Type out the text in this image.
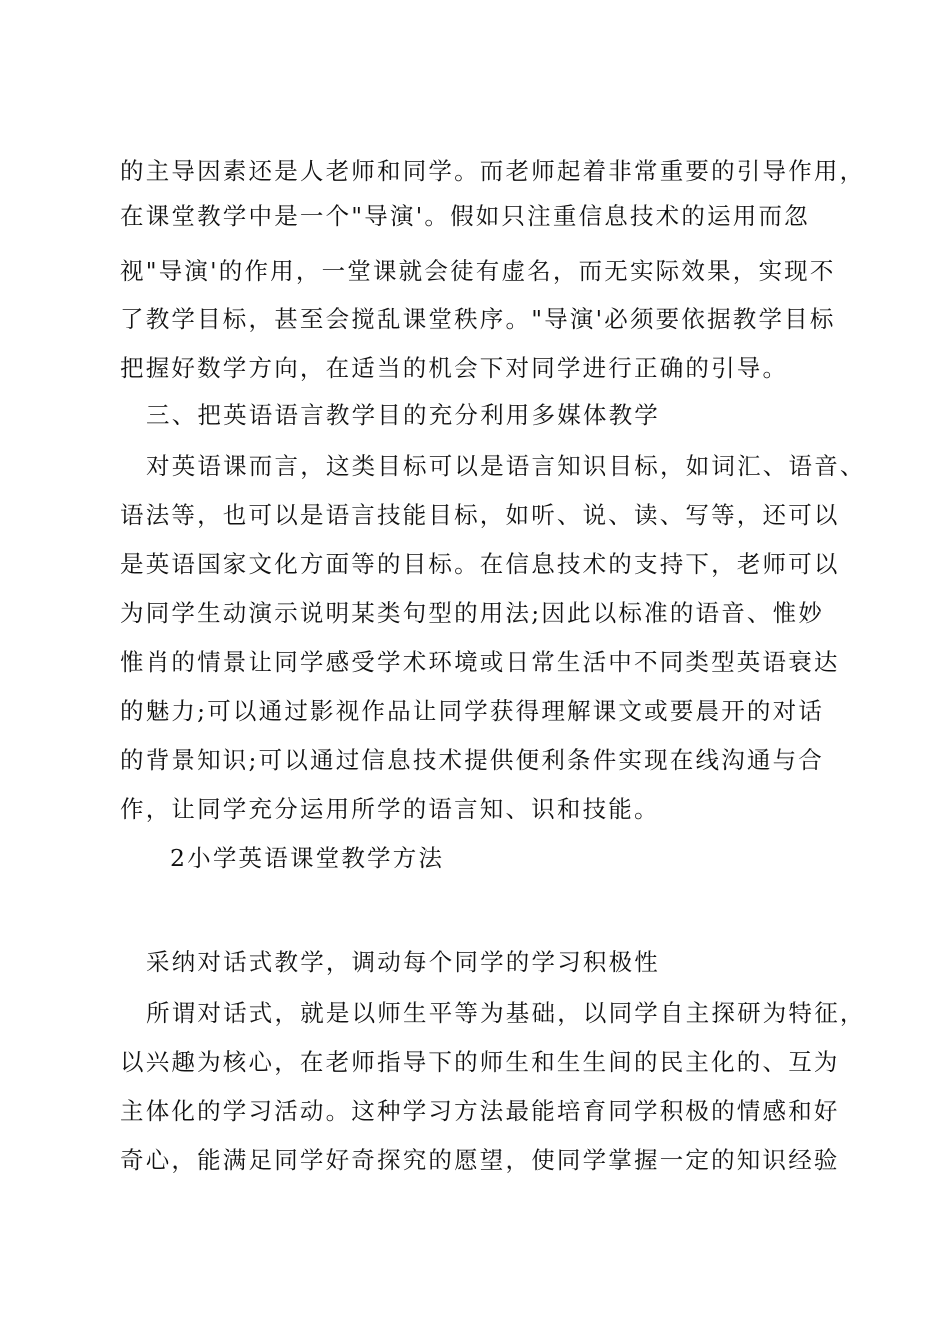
的主导因素还是人老师和同学。而老师起着非常重要的引导作用，
在课堂教学中是一个"导演'。假如只注重信息技术的运用而忽
视"导演'的作用，一堂课就会徒有虚名，而无实际效果，实现不
了教学目标，甚至会搅乱课堂秩序。"导演'必须要依据教学目标
把握好数学方向，在适当的机会下对同学进行正确的引导。
三、把英语语言教学目的充分利用多媒体教学
对英语课而言，这类目标可以是语言知识目标，如词汇、语音、
语法等，也可以是语言技能目标，如听、说、读、写等，还可以
是英语国家文化方面等的目标。在信息技术的支持下，老师可以
为同学生动演示说明某类句型的用法;因此以标准的语音、惟妙
惟肖的情景让同学感受学术环境或日常生活中不同类型英语衰达
的魅力;可以通过影视作品让同学获得理解课文或要晨开的对话
的背景知识;可以通过信息技术提供便利条件实现在线沟通与合
作，让同学充分运用所学的语言知、识和技能。
2小学英语课堂教学方法
采纳对话式教学，调动每个同学的学习积极性
所谓对话式，就是以师生平等为基础，以同学自主探研为特征，
以兴趣为核心，在老师指导下的师生和生生间的民主化的、互为
主体化的学习活动。这种学习方法最能培育同学积极的情感和好
奇心，能满足同学好奇探究的愿望，使同学掌握一定的知识经验
